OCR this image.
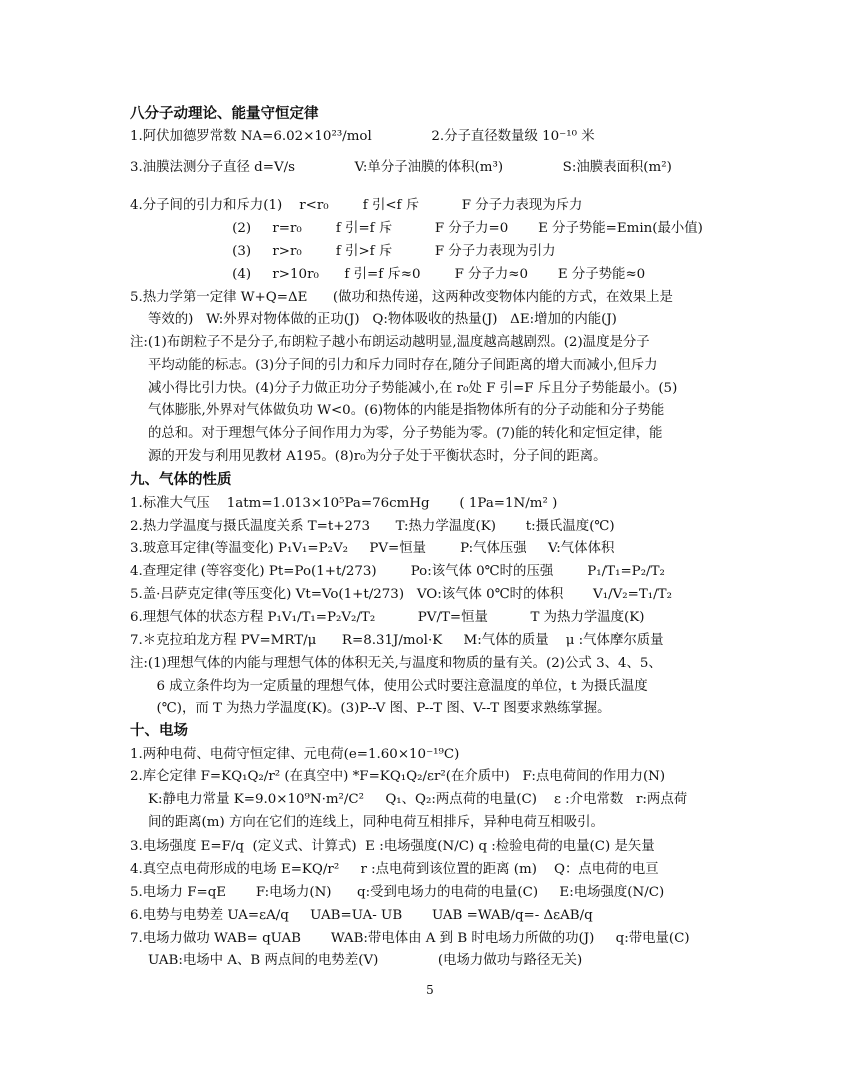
八分子动理论、能量守恒定律
1.阿伏加德罗常数 NA=6.02×10²³/mol              2.分子直径数量级 10⁻¹⁰ 米
3.油膜法测分子直径 d=V/s              V:单分子油膜的体积(m³)              S:油膜表面积(m²)
4.分子间的引力和斥力(1)    r<r₀        f 引<f 斥          F 分子力表现为斥力
(2)     r=r₀        f 引=f 斥          F 分子力=0       E 分子势能=Emin(最小值)
(3)     r>r₀        f 引>f 斥          F 分子力表现为引力
(4)     r>10r₀      f 引=f 斥≈0        F 分子力≈0       E 分子势能≈0
5.热力学第一定律 W+Q=ΔE      (做功和热传递，这两种改变物体内能的方式，在效果上是
等效的)   W:外界对物体做的正功(J)   Q:物体吸收的热量(J)   ΔE:增加的内能(J)
注:(1)布朗粒子不是分子,布朗粒子越小布朗运动越明显,温度越高越剧烈。(2)温度是分子
平均动能的标志。(3)分子间的引力和斥力同时存在,随分子间距离的增大而减小,但斥力
减小得比引力快。(4)分子力做正功分子势能减小,在 r₀处 F 引=F 斥且分子势能最小。(5)
气体膨胀,外界对气体做负功 W<0。(6)物体的内能是指物体所有的分子动能和分子势能
的总和。对于理想气体分子间作用力为零，分子势能为零。(7)能的转化和定恒定律，能
源的开发与利用见教材 A195。(8)r₀为分子处于平衡状态时，分子间的距离。
九、气体的性质
1.标准大气压    1atm=1.013×10⁵Pa=76cmHg       ( 1Pa=1N/m² )
2.热力学温度与摄氏温度关系 T=t+273      T:热力学温度(K)       t:摄氏温度(℃)
3.玻意耳定律(等温变化) P₁V₁=P₂V₂     PV=恒量        P:气体压强     V:气体体积
4.查理定律 (等容变化) Pt=Po(1+t/273)        Po:该气体 0℃时的压强        P₁/T₁=P₂/T₂
5.盖·吕萨克定律(等压变化) Vt=Vo(1+t/273)   VO:该气体 0℃时的体积       V₁/V₂=T₁/T₂
6.理想气体的状态方程 P₁V₁/T₁=P₂V₂/T₂          PV/T=恒量          T 为热力学温度(K)
7.＊克拉珀龙方程 PV=MRT/μ      R=8.31J/mol·K     M:气体的质量    μ :气体摩尔质量
注:(1)理想气体的内能与理想气体的体积无关,与温度和物质的量有关。(2)公式 3、4、5、
6 成立条件均为一定质量的理想气体，使用公式时要注意温度的单位，t 为摄氏温度
(℃)，而 T 为热力学温度(K)。(3)P--V 图、P--T 图、V--T 图要求熟练掌握。
十、电场
1.两种电荷、电荷守恒定律、元电荷(e=1.60×10⁻¹⁹C)
2.库仑定律 F=KQ₁Q₂/r² (在真空中) *F=KQ₁Q₂/εr²(在介质中)   F:点电荷间的作用力(N)
K:静电力常量 K=9.0×10⁹N·m²/C²     Q₁、Q₂:两点荷的电量(C)    ε :介电常数   r:两点荷
间的距离(m) 方向在它们的连线上，同种电荷互相排斥，异种电荷互相吸引。
3.电场强度 E=F/q  (定义式、计算式)  E :电场强度(N/C) q :检验电荷的电量(C) 是矢量
4.真空点电荷形成的电场 E=KQ/r²     r :点电荷到该位置的距离 (m)    Q：点电荷的电亘
5.电场力 F=qE       F:电场力(N)      q:受到电场力的电荷的电量(C)     E:电场强度(N/C)
6.电势与电势差 UA=εA/q     UAB=UA- UB       UAB =WAB/q=- ΔεAB/q
7.电场力做功 WAB= qUAB       WAB:带电体由 A 到 B 时电场力所做的功(J)     q:带电量(C)
UAB:电场中 A、B 两点间的电势差(V)              (电场力做功与路径无关)
5
